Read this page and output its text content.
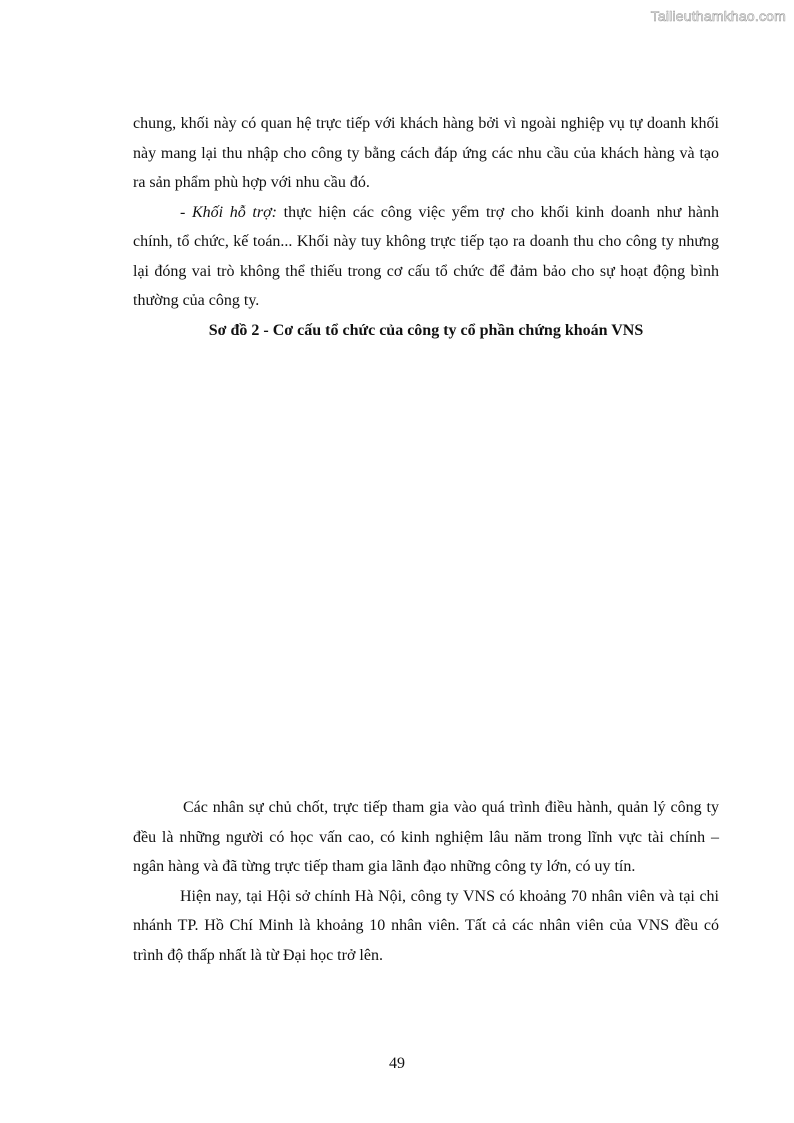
Tailieuthamkhao.com

chung, khối này có quan hệ trực tiếp với khách hàng bởi vì ngoài nghiệp vụ tự doanh khối này mang lại thu nhập cho công ty bằng cách đáp ứng các nhu cầu của khách hàng và tạo ra sản phẩm phù hợp với nhu cầu đó.

- Khối hỗ trợ: thực hiện các công việc yểm trợ cho khối kinh doanh như hành chính, tổ chức, kế toán... Khối này tuy không trực tiếp tạo ra doanh thu cho công ty nhưng lại đóng vai trò không thể thiếu trong cơ cấu tổ chức để đảm bảo cho sự hoạt động bình thường của công ty.

Sơ đồ 2 - Cơ cấu tổ chức của công ty cổ phần chứng khoán VNS

Các nhân sự chủ chốt, trực tiếp tham gia vào quá trình điều hành, quản lý công ty đều là những người có học vấn cao, có kinh nghiệm lâu năm trong lĩnh vực tài chính – ngân hàng và đã từng trực tiếp tham gia lãnh đạo những công ty lớn, có uy tín.

Hiện nay, tại Hội sở chính Hà Nội, công ty VNS có khoảng 70 nhân viên và tại chi nhánh TP. Hồ Chí Minh là khoảng 10 nhân viên. Tất cả các nhân viên của VNS đều có trình độ thấp nhất là từ Đại học trở lên.

49
